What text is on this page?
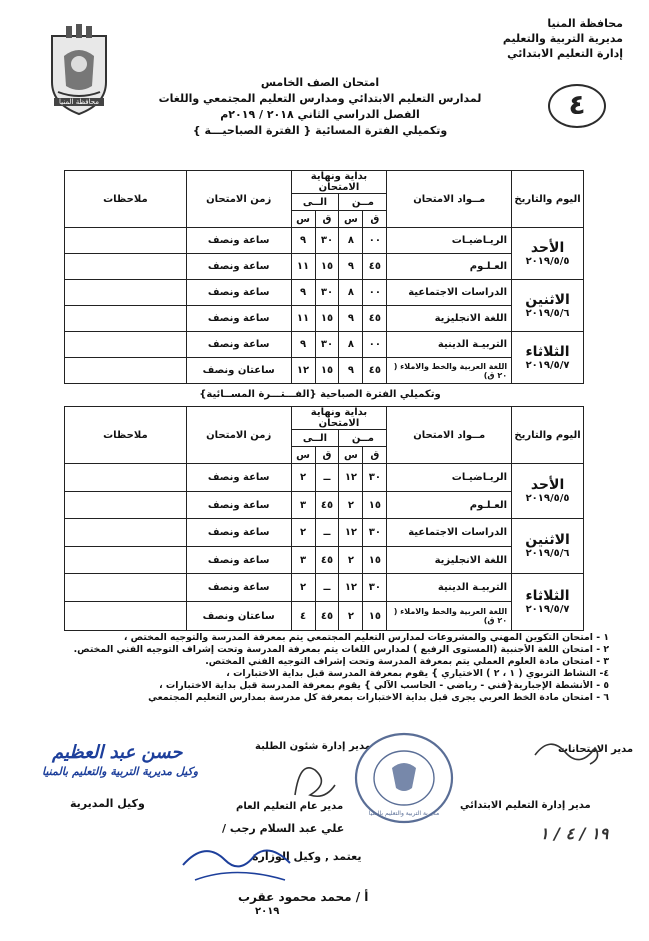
محافظة المنيا
مديرية التربية والتعليم
إدارة التعليم الابتدائي
٤
محافظة المنيا
امتحان الصف الخامس
لمدارس التعليم الابتدائي ومدارس التعليم المجتمعي واللغات
الفصل الدراسي الثاني ٢٠١٨ / ٢٠١٩م
{ الفترة الصباحيـــة } وتكميلي الفترة المسائية
اليوم والتاريخ	مــواد الامتحان	بداية ونهاية الامتحان				زمن الامتحان	ملاحظات
		مــن		الــى			
		ق	س	ق	س		

الأحد
٢٠١٩/٥/٥	الريـاضيـات	٠٠	٨	٣٠	٩	ساعة ونصف	
	العـلـوم	٤٥	٩	١٥	١١	ساعة ونصف	

الاثنين
٢٠١٩/٥/٦	الدراسات الاجتماعية	٠٠	٨	٣٠	٩	ساعة ونصف	
	اللغة الانجليزية	٤٥	٩	١٥	١١	ساعة ونصف	

الثلاثاء
٢٠١٩/٥/٧	التربيـة الدينية	٠٠	٨	٣٠	٩	ساعة ونصف	
	اللغة العربية والخط والاملاء ( ٢٠ ق)	٤٥	٩	١٥	١٢	ساعتان ونصف	
{الفـــتـــرة المســائية} وتكميلي الفترة الصباحية
اليوم والتاريخ	مــواد الامتحان	بداية ونهاية الامتحان				زمن الامتحان	ملاحظات
		مــن		الــى			
		ق	س	ق	س		

الأحد
٢٠١٩/٥/٥	الريـاضيـات	٣٠	١٢	ــ	٢	ساعة ونصف	
	العـلـوم	١٥	٢	٤٥	٣	ساعة ونصف	

الاثنين
٢٠١٩/٥/٦	الدراسات الاجتماعية	٣٠	١٢	ــ	٢	ساعة ونصف	
	اللغة الانجليزية	١٥	٢	٤٥	٣	ساعة ونصف	

الثلاثاء
٢٠١٩/٥/٧	التربيـة الدينية	٣٠	١٢	ــ	٢	ساعة ونصف	
	اللغة العربية والخط والاملاء ( ٢٠ ق)	١٥	٢	٤٥	٤	ساعتان ونصف	
١ - امتحان التكوين المهني والمشروعات لمدارس التعليم المجتمعي يتم بمعرفة المدرسة والتوجيه المختص ،
٢ - امتحان اللغة الأجنبية (المستوى الرفيع ) لمدارس اللغات يتم بمعرفة المدرسة وتحت إشراف التوجيه الفني المختص.
٣ - امتحان مادة العلوم العملي يتم بمعرفة المدرسة وتحت إشراف التوجيه الفني المختص.
٤- النشاط التربوي ( ١ ، ٢ ) الاختياري } يقوم بمعرفة المدرسة قبل بداية الاختبارات ،
٥ - الأنشطة الإجبارية{فني - رياضي - الحاسب الآلي } يقوم بمعرفة المدرسة قبل بداية الاختبارات ،
٦ - امتحان مادة الخط العربي يجرى قبل بداية الاختبارات بمعرفة كل مدرسة بمدارس التعليم المجتمعي
مدير الامتحانات
مدير إدارة شئون الطلبة
مدير إدارة التعليم الابتدائي
مدير عام التعليم العام
/ علي عبد السلام رجب
وكيل المديرية
يعتمد , وكيل الوزارة
أ / محمد محمود عقرب
٢٠١٩
حسن عبد العظيم
وكيل مديرية التربية والتعليم بالمنيا
١٩ / ٤ / ١
مديرية التربية والتعليم بالمنيا
